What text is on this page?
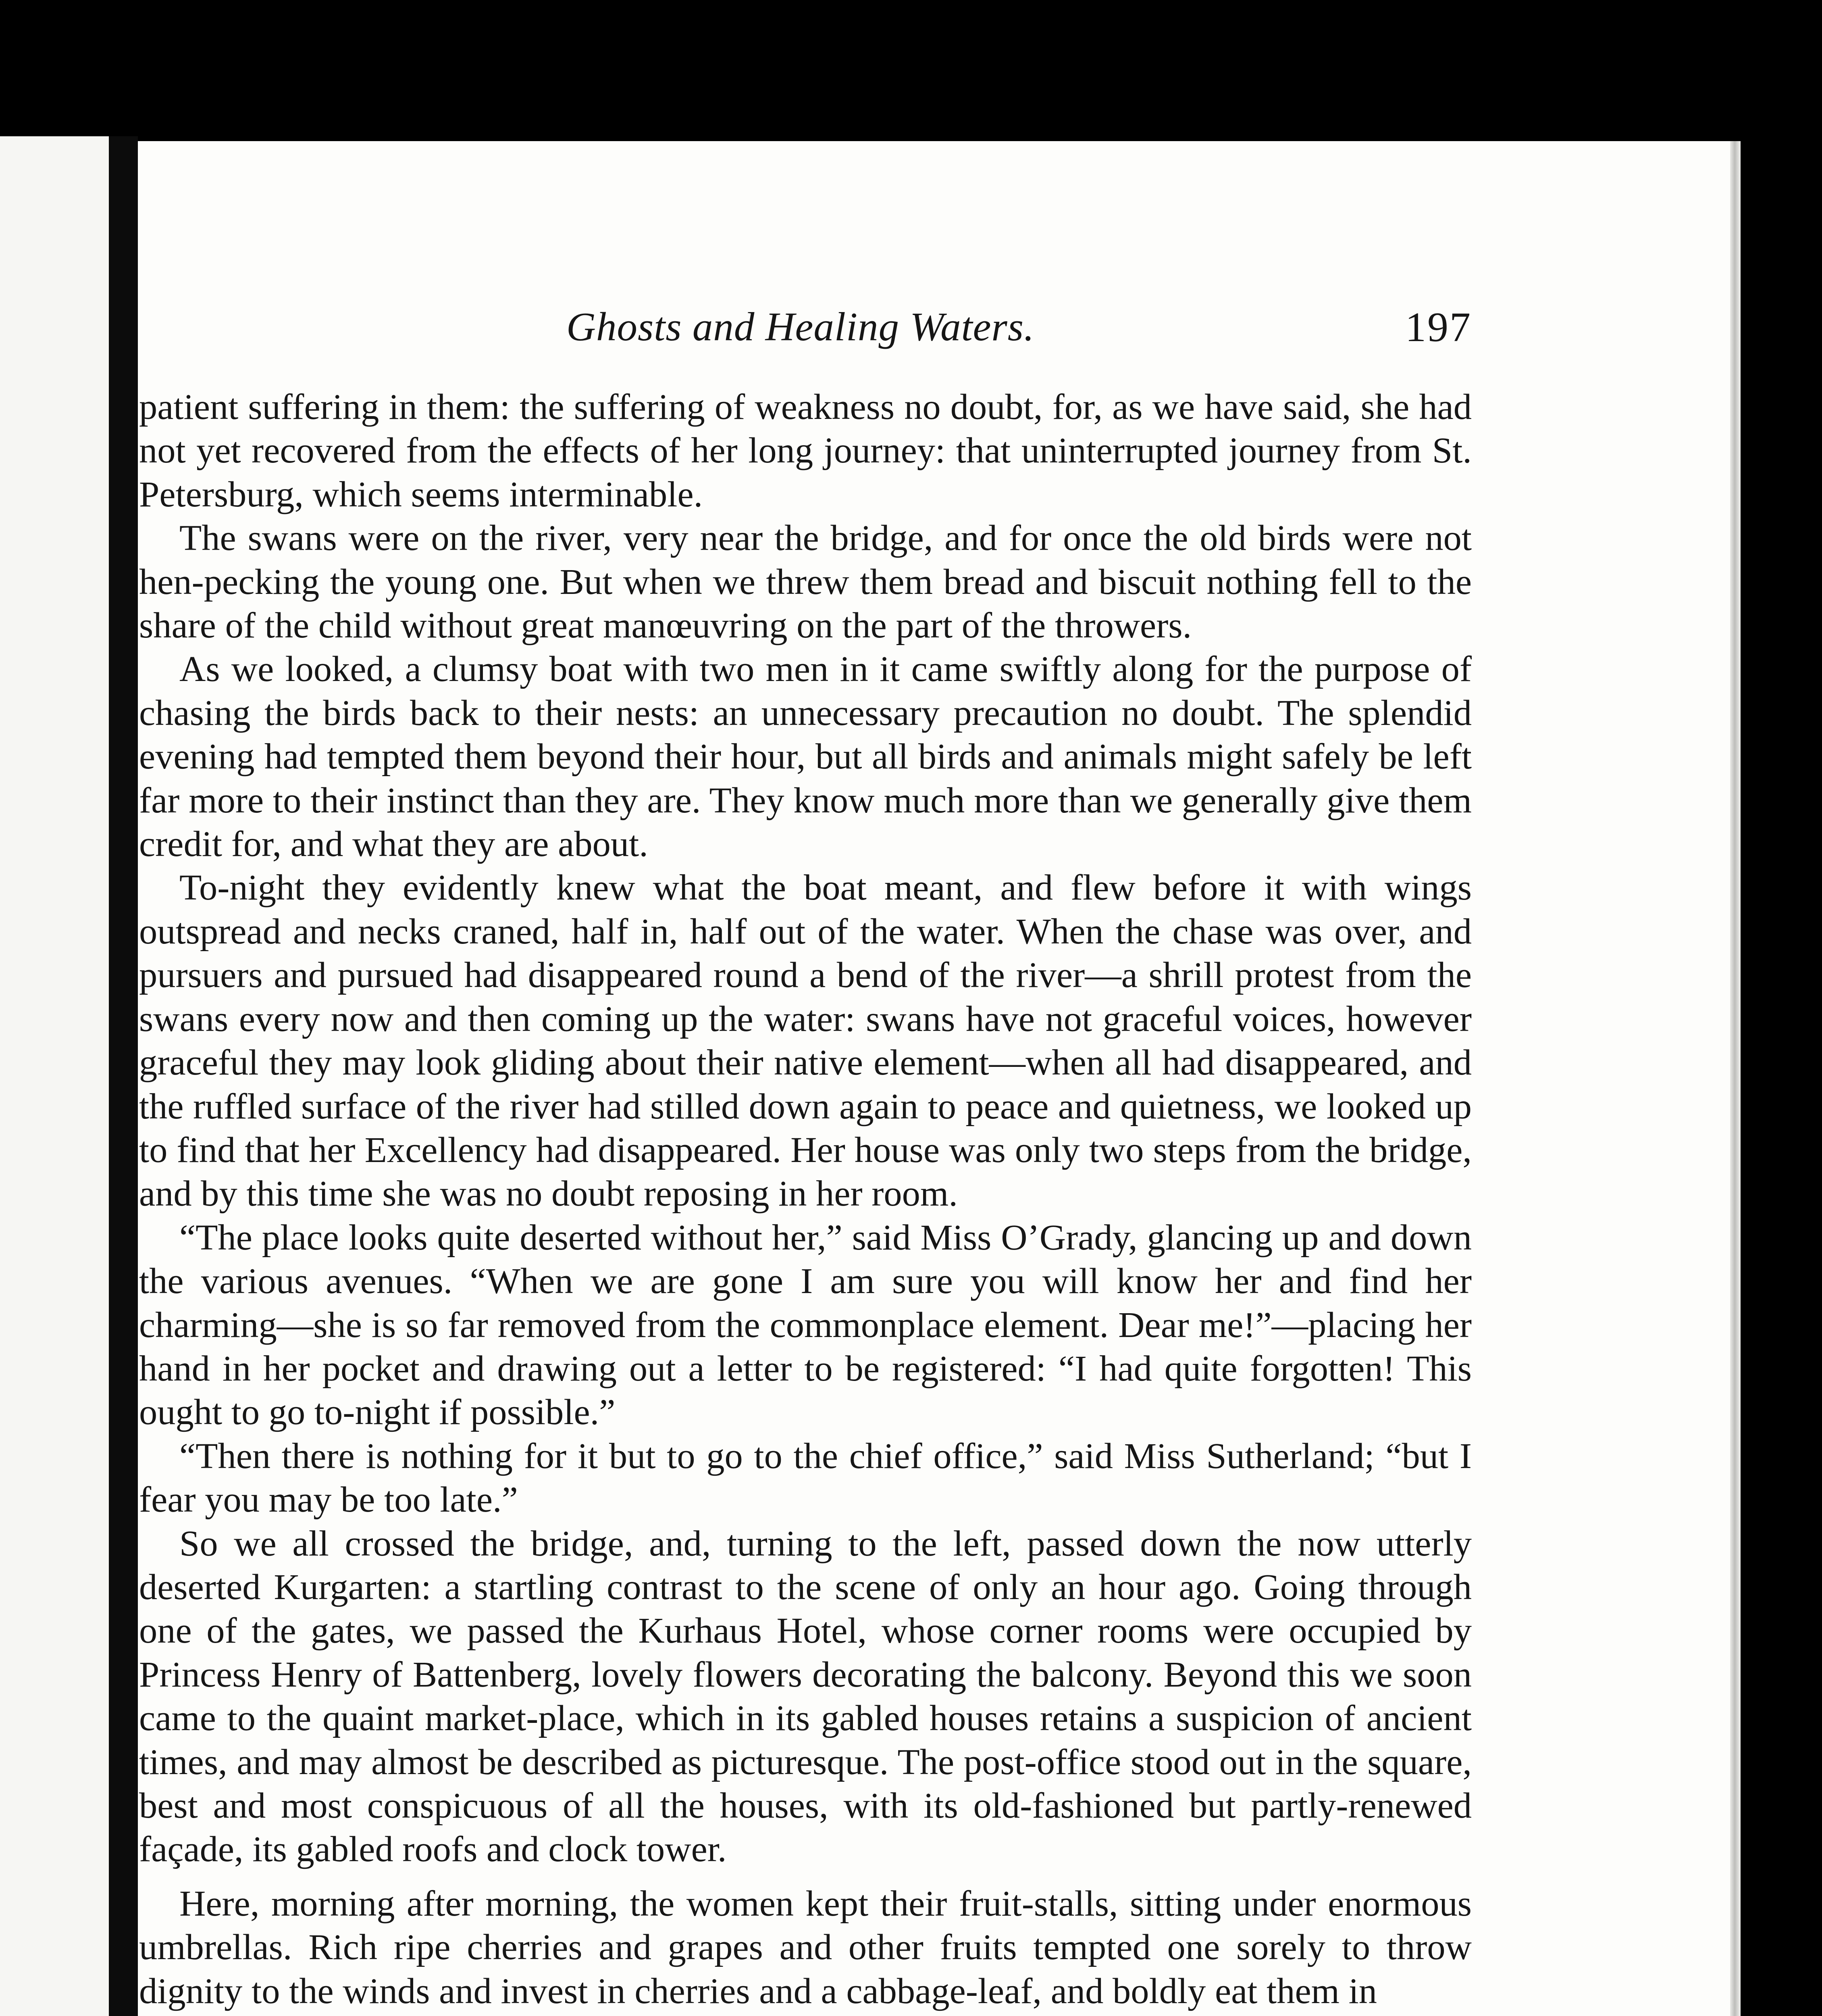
Ghosts and Healing Waters.	197

patient suffering in them: the suffering of weakness no doubt, for, as we have said, she had not yet recovered from the effects of her long journey: that uninterrupted journey from St. Petersburg, which seems interminable.

The swans were on the river, very near the bridge, and for once the old birds were not hen-pecking the young one. But when we threw them bread and biscuit nothing fell to the share of the child without great manœuvring on the part of the throwers.

As we looked, a clumsy boat with two men in it came swiftly along for the purpose of chasing the birds back to their nests: an unnecessary precaution no doubt. The splendid evening had tempted them beyond their hour, but all birds and animals might safely be left far more to their instinct than they are. They know much more than we generally give them credit for, and what they are about.

To-night they evidently knew what the boat meant, and flew before it with wings outspread and necks craned, half in, half out of the water. When the chase was over, and pursuers and pursued had disappeared round a bend of the river—a shrill protest from the swans every now and then coming up the water: swans have not graceful voices, however graceful they may look gliding about their native element—when all had disappeared, and the ruffled surface of the river had stilled down again to peace and quietness, we looked up to find that her Excellency had disappeared. Her house was only two steps from the bridge, and by this time she was no doubt reposing in her room.

“The place looks quite deserted without her,” said Miss O’Grady, glancing up and down the various avenues. “When we are gone I am sure you will know her and find her charming—she is so far removed from the commonplace element. Dear me!”—placing her hand in her pocket and drawing out a letter to be registered: “I had quite forgotten! This ought to go to-night if possible.”

“Then there is nothing for it but to go to the chief office,” said Miss Sutherland; “but I fear you may be too late.”

So we all crossed the bridge, and, turning to the left, passed down the now utterly deserted Kurgarten: a startling contrast to the scene of only an hour ago. Going through one of the gates, we passed the Kurhaus Hotel, whose corner rooms were occupied by Princess Henry of Battenberg, lovely flowers decorating the balcony. Beyond this we soon came to the quaint market-place, which in its gabled houses retains a suspicion of ancient times, and may almost be described as picturesque. The post-office stood out in the square, best and most conspicuous of all the houses, with its old-fashioned but partly-renewed façade, its gabled roofs and clock tower.

Here, morning after morning, the women kept their fruit-stalls, sitting under enormous umbrellas. Rich ripe cherries and grapes and other fruits tempted one sorely to throw dignity to the winds and invest in cherries and a cabbage-leaf, and boldly eat them in
